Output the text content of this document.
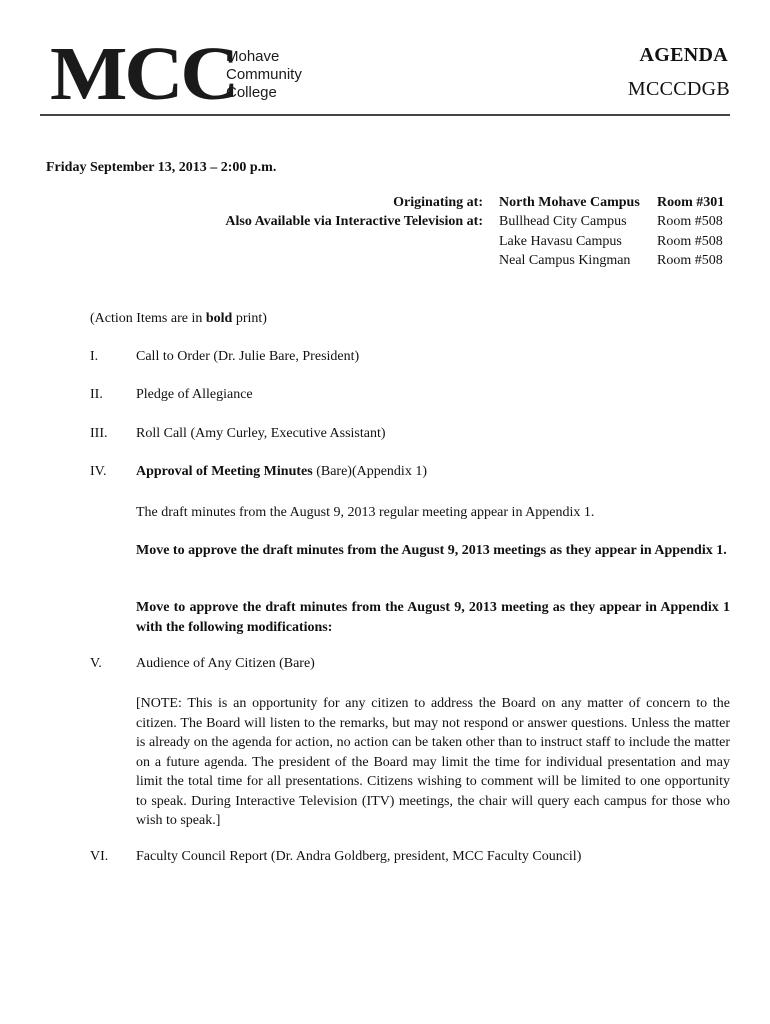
MCC
Mohave
Community
College
AGENDA
MCCCDGB
Friday September 13, 2013 – 2:00 p.m.
Originating at:
Also Available via Interactive Television at:
North Mohave Campus Room #301
Bullhead City Campus Room #508
Lake Havasu Campus	Room #508
Neal Campus Kingman Room #508
(Action Items are in bold print)
I.	Call to Order (Dr. Julie Bare, President)
II. Pledge of Allegiance
III. Roll Call (Amy Curley, Executive Assistant)
IV. Approval of Meeting Minutes (Bare)(Appendix 1)
The draft minutes from the August 9, 2013 regular meeting appear in Appendix 1.
Move to approve the draft minutes from the August 9, 2013 meetings as they appear in Appendix 1.
Move to approve the draft minutes from the August 9, 2013 meeting as they appear in Appendix 1 with the following modifications:
V. Audience of Any Citizen (Bare)
[NOTE: This is an opportunity for any citizen to address the Board on any matter of concern to the citizen. The Board will listen to the remarks, but may not respond or answer questions. Unless the matter is already on the agenda for action, no action can be taken other than to instruct staff to include the matter on a future agenda. The president of the Board may limit the time for individual presentation and may limit the total time for all presentations. Citizens wishing to comment will be limited to one opportunity to speak. During Interactive Television (ITV) meetings, the chair will query each campus for those who wish to speak.]
VI. Faculty Council Report (Dr. Andra Goldberg, president, MCC Faculty Council)
